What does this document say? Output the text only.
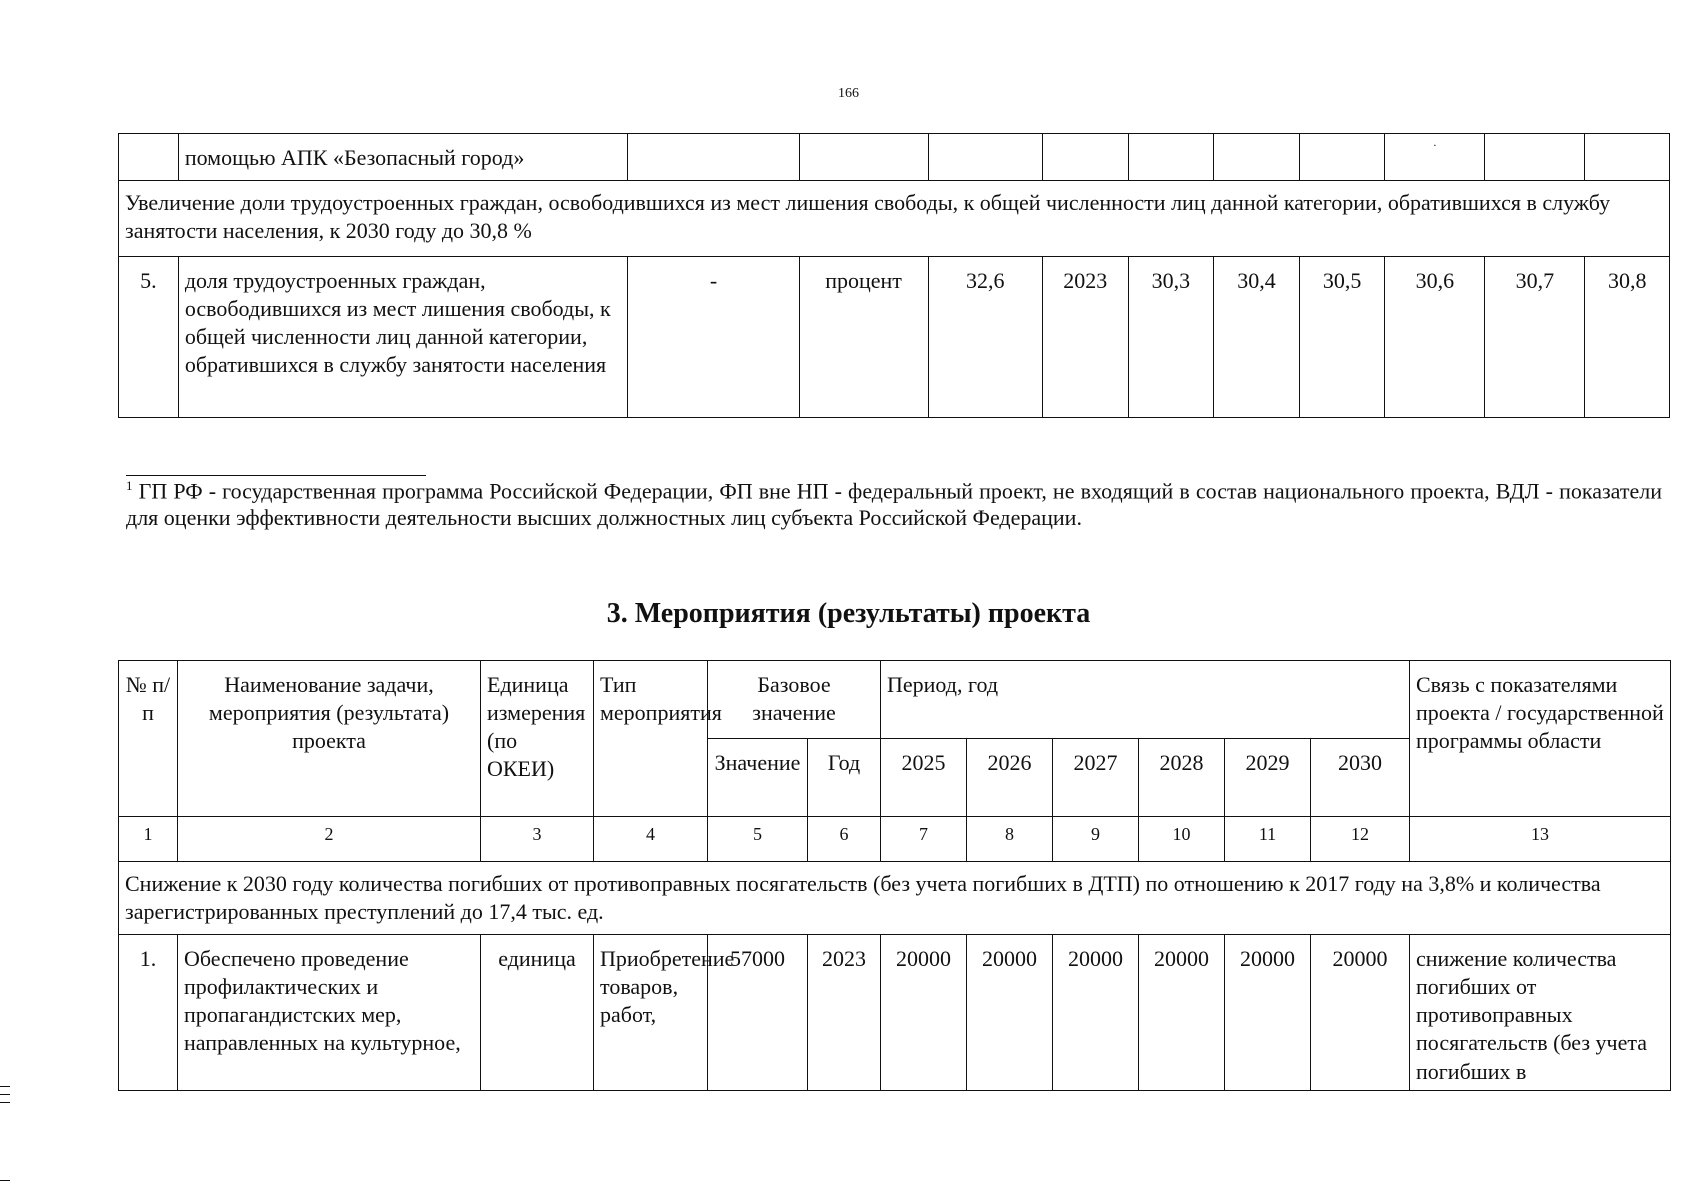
166
	помощью АПК «Безопасный город»								·		
Увеличение доли трудоустроенных граждан, освободившихся из мест лишения свободы, к общей численности лиц данной категории, обратившихся в службу занятости населения, к 2030 году до 30,8 %											
5.	доля трудоустроенных граждан, освободившихся из мест лишения свободы, к общей численности лиц данной категории, обратившихся в службу занятости населения	-	процент	32,6	2023	30,3	30,4	30,5	30,6	30,7	30,8
$^1$ ГП РФ - государственная программа Российской Федерации, ФП вне НП - федеральный проект, не входящий в состав национального проекта, ВДЛ - показатели для оценки эффективности деятельности высших должностных лиц субъекта Российской Федерации.
3. Мероприятия (результаты) проекта
№ п/п	Наименование задачи, мероприятия (результата) проекта	Единица измерения (по ОКЕИ)	Тип мероприятия	Базовое значение		Период, год						Связь с показателями проекта / государственной программы области
				Значение	Год	2025	2026	2027	2028	2029	2030	
1	2	3	4	5	6	7	8	9	10	11	12	13
Снижение к 2030 году количества погибших от противоправных посягательств (без учета погибших в ДТП) по отношению к 2017 году на 3,8% и количества зарегистрированных преступлений до 17,4 тыс. ед.												
1.	Обеспечено проведение профилактических и пропагандистских мер, направленных на культурное,	единица	Приобретение товаров, работ,	57000	2023	20000	20000	20000	20000	20000	20000	снижение количества погибших от противоправных посягательств (без учета погибших в
